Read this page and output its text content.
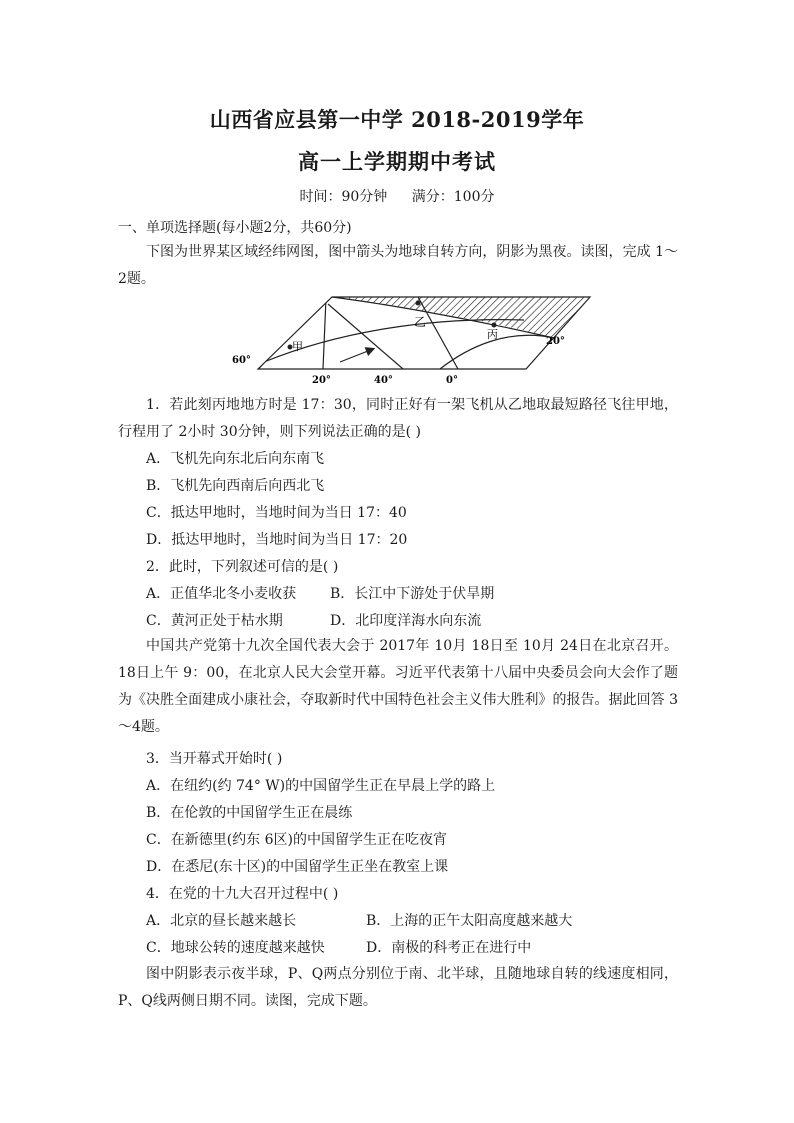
山西省应县第一中学 2018-2019学年
高一上学期期中考试
时间：90分钟 满分：100分
一、单项选择题(每小题2分，共60分)
下图为世界某区域经纬网图，图中箭头为地球自转方向，阴影为黑夜。读图，完成 1～2题。
甲
乙
丙
60°
20°
20°	40°	0°
1．若此刻丙地地方时是 17：30，同时正好有一架飞机从乙地取最短路径飞往甲地，行程用了 2小时 30分钟，则下列说法正确的是( )
A．飞机先向东北后向东南飞
B．飞机先向西南后向西北飞
C．抵达甲地时，当地时间为当日 17：40
D．抵达甲地时，当地时间为当日 17：20
2．此时，下列叙述可信的是( )
A．正值华北冬小麦收获 B．长江中下游处于伏旱期
C．黄河正处于枯水期	D．北印度洋海水向东流
中国共产党第十九次全国代表大会于 2017年 10月 18日至 10月 24日在北京召开。18日上午 9：00，在北京人民大会堂开幕。习近平代表第十八届中央委员会向大会作了题为《决胜全面建成小康社会，夺取新时代中国特色社会主义伟大胜利》的报告。据此回答 3～4题。
3．当开幕式开始时( )
A．在纽约(约 74° W)的中国留学生正在早晨上学的路上
B．在伦敦的中国留学生正在晨练
C．在新德里(约东 6区)的中国留学生正在吃夜宵
D．在悉尼(东十区)的中国留学生正坐在教室上课
4．在党的十九大召开过程中( )
A．北京的昼长越来越长	B．上海的正午太阳高度越来越大
C．地球公转的速度越来越快	D．南极的科考正在进行中
图中阴影表示夜半球，P、Q两点分别位于南、北半球，且随地球自转的线速度相同，P、Q线两侧日期不同。读图，完成下题。
